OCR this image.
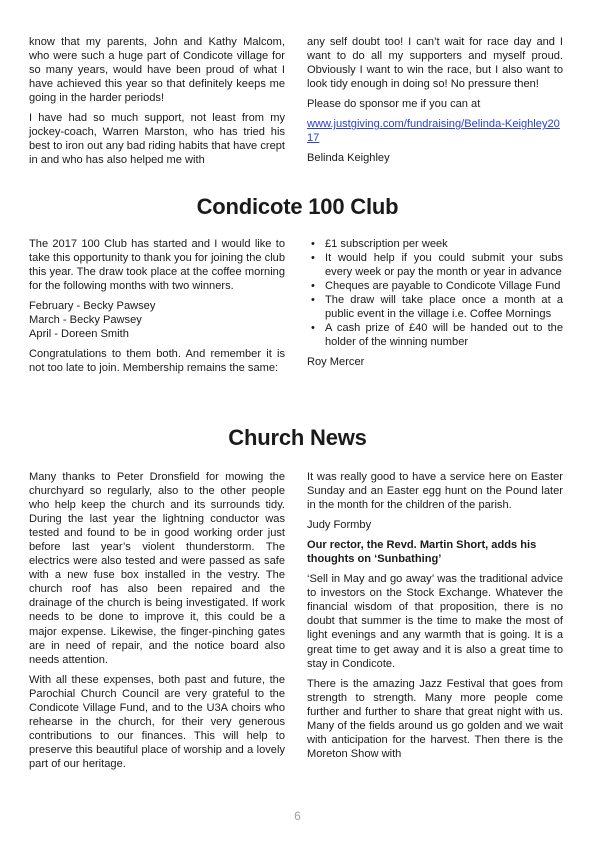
know that my parents, John and Kathy Malcom, who were such a huge part of Condicote village for so many years, would have been proud of what I have achieved this year so that definitely keeps me going in the harder periods!

I have had so much support, not least from my jockey-coach, Warren Marston, who has tried his best to iron out any bad riding habits that have crept in and who has also helped me with

any self doubt too! I can’t wait for race day and I want to do all my supporters and myself proud. Obviously I want to win the race, but I also want to look tidy enough in doing so! No pressure then!

Please do sponsor me if you can at

www.justgiving.com/fundraising/Belinda-Keighley2017

Belinda Keighley

Condicote 100 Club

The 2017 100 Club has started and I would like to take this opportunity to thank you for joining the club this year. The draw took place at the coffee morning for the following months with two winners.

February - Becky Pawsey
March - Becky Pawsey
April - Doreen Smith

Congratulations to them both. And remember it is not too late to join. Membership remains the same:

• £1 subscription per week
• It would help if you could submit your subs every week or pay the month or year in advance
• Cheques are payable to Condicote Village Fund
• The draw will take place once a month at a public event in the village i.e. Coffee Mornings
• A cash prize of £40 will be handed out to the holder of the winning number

Roy Mercer

Church News

Many thanks to Peter Dronsfield for mowing the churchyard so regularly, also to the other people who help keep the church and its surrounds tidy. During the last year the lightning conductor was tested and found to be in good working order just before last year’s violent thunderstorm. The electrics were also tested and were passed as safe with a new fuse box installed in the vestry. The church roof has also been repaired and the drainage of the church is being investigated. If work needs to be done to improve it, this could be a major expense. Likewise, the finger-pinching gates are in need of repair, and the notice board also needs attention.

With all these expenses, both past and future, the Parochial Church Council are very grateful to the Condicote Village Fund, and to the U3A choirs who rehearse in the church, for their very generous contributions to our finances. This will help to preserve this beautiful place of worship and a lovely part of our heritage.

It was really good to have a service here on Easter Sunday and an Easter egg hunt on the Pound later in the month for the children of the parish.

Judy Formby

Our rector, the Revd. Martin Short, adds his thoughts on ‘Sunbathing’

‘Sell in May and go away’ was the traditional advice to investors on the Stock Exchange. Whatever the financial wisdom of that proposition, there is no doubt that summer is the time to make the most of light evenings and any warmth that is going. It is a great time to get away and it is also a great time to stay in Condicote.

There is the amazing Jazz Festival that goes from strength to strength. Many more people come further and further to share that great night with us. Many of the fields around us go golden and we wait with anticipation for the harvest. Then there is the Moreton Show with

6
